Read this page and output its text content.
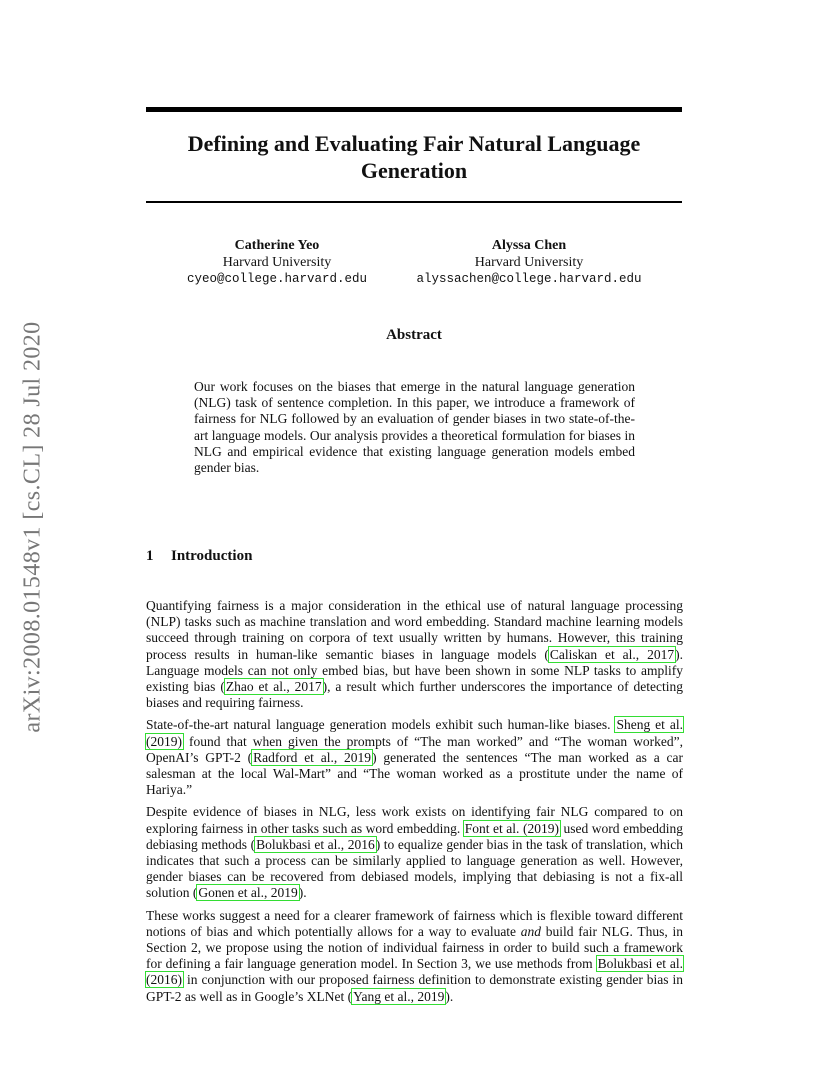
arXiv:2008.01548v1 [cs.CL] 28 Jul 2020
Defining and Evaluating Fair Natural Language Generation
Catherine Yeo
Harvard University
cyeo@college.harvard.edu
Alyssa Chen
Harvard University
alyssachen@college.harvard.edu
Abstract
Our work focuses on the biases that emerge in the natural language generation (NLG) task of sentence completion. In this paper, we introduce a framework of fairness for NLG followed by an evaluation of gender biases in two state-of-the-art language models. Our analysis provides a theoretical formulation for biases in NLG and empirical evidence that existing language generation models embed gender bias.
1 Introduction

Quantifying fairness is a major consideration in the ethical use of natural language processing (NLP) tasks such as machine translation and word embedding. Standard machine learning models succeed through training on corpora of text usually written by humans. However, this training process results in human-like semantic biases in language models (Caliskan et al., 2017). Language models can not only embed bias, but have been shown in some NLP tasks to amplify existing bias (Zhao et al., 2017), a result which further underscores the importance of detecting biases and requiring fairness.

State-of-the-art natural language generation models exhibit such human-like biases. Sheng et al. (2019) found that when given the prompts of “The man worked” and “The woman worked”, OpenAI’s GPT-2 (Radford et al., 2019) generated the sentences “The man worked as a car salesman at the local Wal-Mart” and “The woman worked as a prostitute under the name of Hariya.”

Despite evidence of biases in NLG, less work exists on identifying fair NLG compared to on exploring fairness in other tasks such as word embedding. Font et al. (2019) used word embedding debiasing methods (Bolukbasi et al., 2016) to equalize gender bias in the task of translation, which indicates that such a process can be similarly applied to language generation as well. However, gender biases can be recovered from debiased models, implying that debiasing is not a fix-all solution (Gonen et al., 2019).

These works suggest a need for a clearer framework of fairness which is flexible toward different notions of bias and which potentially allows for a way to evaluate and build fair NLG. Thus, in Section 2, we propose using the notion of individual fairness in order to build such a framework for defining a fair language generation model. In Section 3, we use methods from Bolukbasi et al. (2016) in conjunction with our proposed fairness definition to demonstrate existing gender bias in GPT-2 as well as in Google’s XLNet (Yang et al., 2019).
